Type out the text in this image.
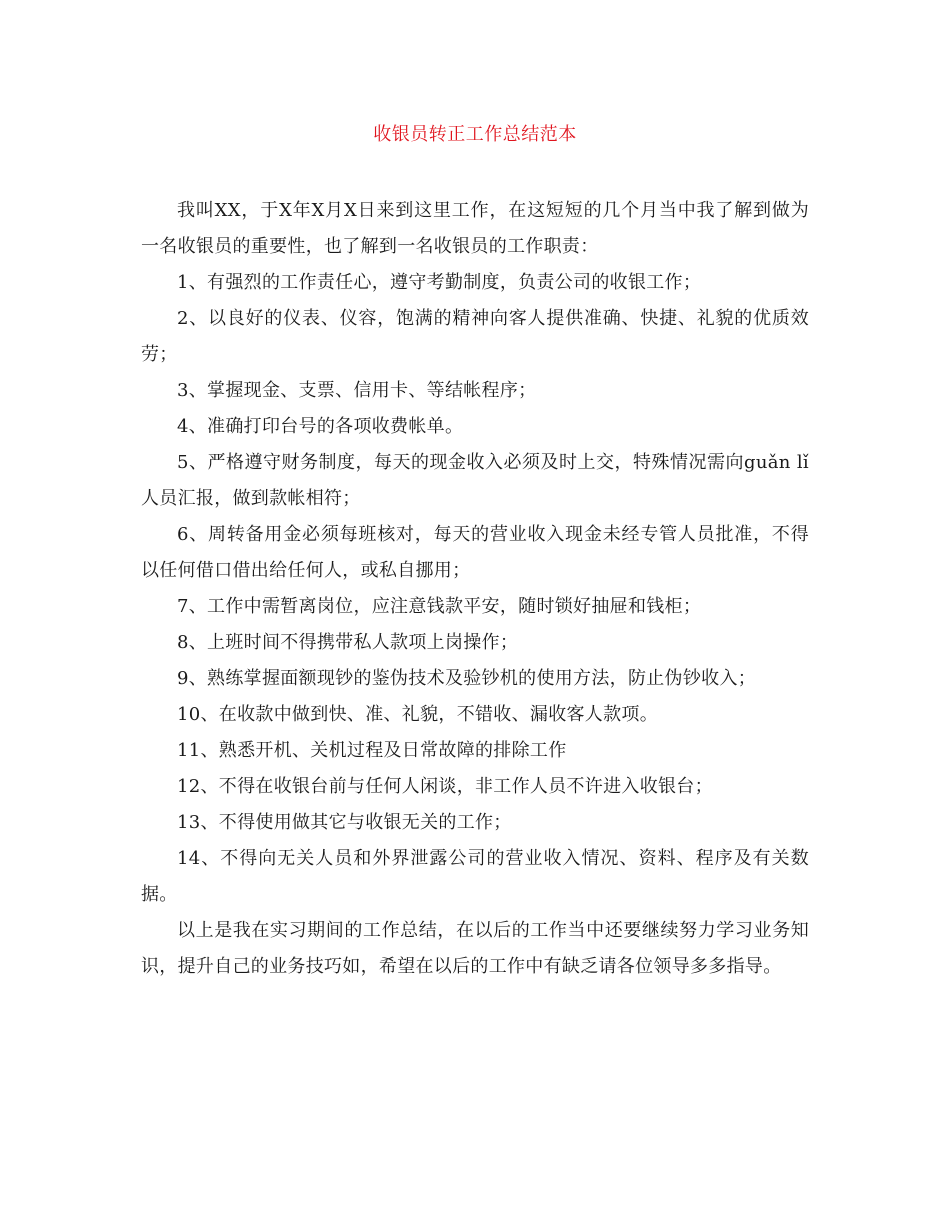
收银员转正工作总结范本

我叫XX，于X年X月X日来到这里工作，在这短短的几个月当中我了解到做为一名收银员的重要性，也了解到一名收银员的工作职责：

1、有强烈的工作责任心，遵守考勤制度，负责公司的收银工作；

2、以良好的仪表、仪容，饱满的精神向客人提供准确、快捷、礼貌的优质效劳；

3、掌握现金、支票、信用卡、等结帐程序；

4、准确打印台号的各项收费帐单。

5、严格遵守财务制度，每天的现金收入必须及时上交，特殊情况需向guǎn lǐ人员汇报，做到款帐相符；

6、周转备用金必须每班核对，每天的营业收入现金未经专管人员批准，不得以任何借口借出给任何人，或私自挪用；

7、工作中需暂离岗位，应注意钱款平安，随时锁好抽屉和钱柜；

8、上班时间不得携带私人款项上岗操作；

9、熟练掌握面额现钞的鉴伪技术及验钞机的使用方法，防止伪钞收入；

10、在收款中做到快、准、礼貌，不错收、漏收客人款项。

11、熟悉开机、关机过程及日常故障的排除工作

12、不得在收银台前与任何人闲谈，非工作人员不许进入收银台；

13、不得使用做其它与收银无关的工作；

14、不得向无关人员和外界泄露公司的营业收入情况、资料、程序及有关数据。

以上是我在实习期间的工作总结，在以后的工作当中还要继续努力学习业务知识，提升自己的业务技巧如，希望在以后的工作中有缺乏请各位领导多多指导。
